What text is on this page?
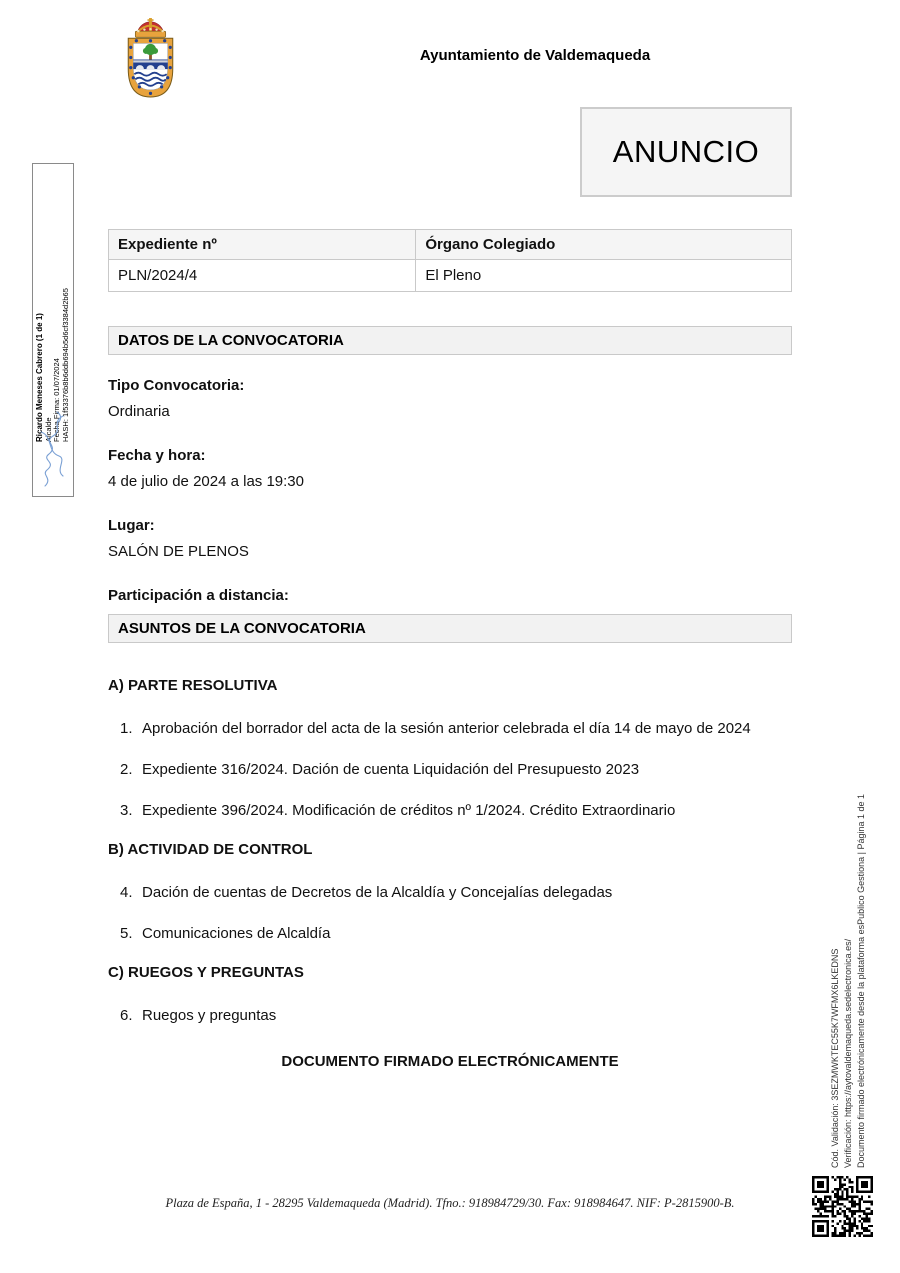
Ayuntamiento de Valdemaqueda
ANUNCIO
Expediente nº	Órgano Colegiado
PLN/2024/4	El Pleno
DATOS DE LA CONVOCATORIA
Tipo Convocatoria:
Ordinaria
Fecha y hora:
4 de julio de 2024 a las 19:30
Lugar:
SALÓN DE PLENOS
Participación a distancia:
ASUNTOS DE LA CONVOCATORIA
A) PARTE RESOLUTIVA
1. Aprobación del borrador del acta de la sesión anterior celebrada el día 14 de mayo de 2024
2. Expediente 316/2024. Dación de cuenta Liquidación del Presupuesto 2023
3. Expediente 396/2024. Modificación de créditos nº 1/2024. Crédito Extraordinario
B) ACTIVIDAD DE CONTROL
4. Dación de cuentas de Decretos de la Alcaldía y Concejalías delegadas
5. Comunicaciones de Alcaldía
C) RUEGOS Y PREGUNTAS
6. Ruegos y preguntas
DOCUMENTO FIRMADO ELECTRÓNICAMENTE
Ricardo Meneses Cabrero (1 de 1) Alcalde Fecha Firma: 01/07/2024 HASH: 1f53376b8b6ddb694b5d6cf3384d2b65
Cód. Validación: 3SEZMWKTEC55K7WFMX6LKEDNS Verificación: https://aytovaldemaqueda.sedelectronica.es/ Documento firmado electrónicamente desde la plataforma esPublico Gestiona | Página 1 de 1
Plaza de España, 1 - 28295 Valdemaqueda (Madrid). Tfno.: 918984729/30. Fax: 918984647. NIF: P-2815900-B.
